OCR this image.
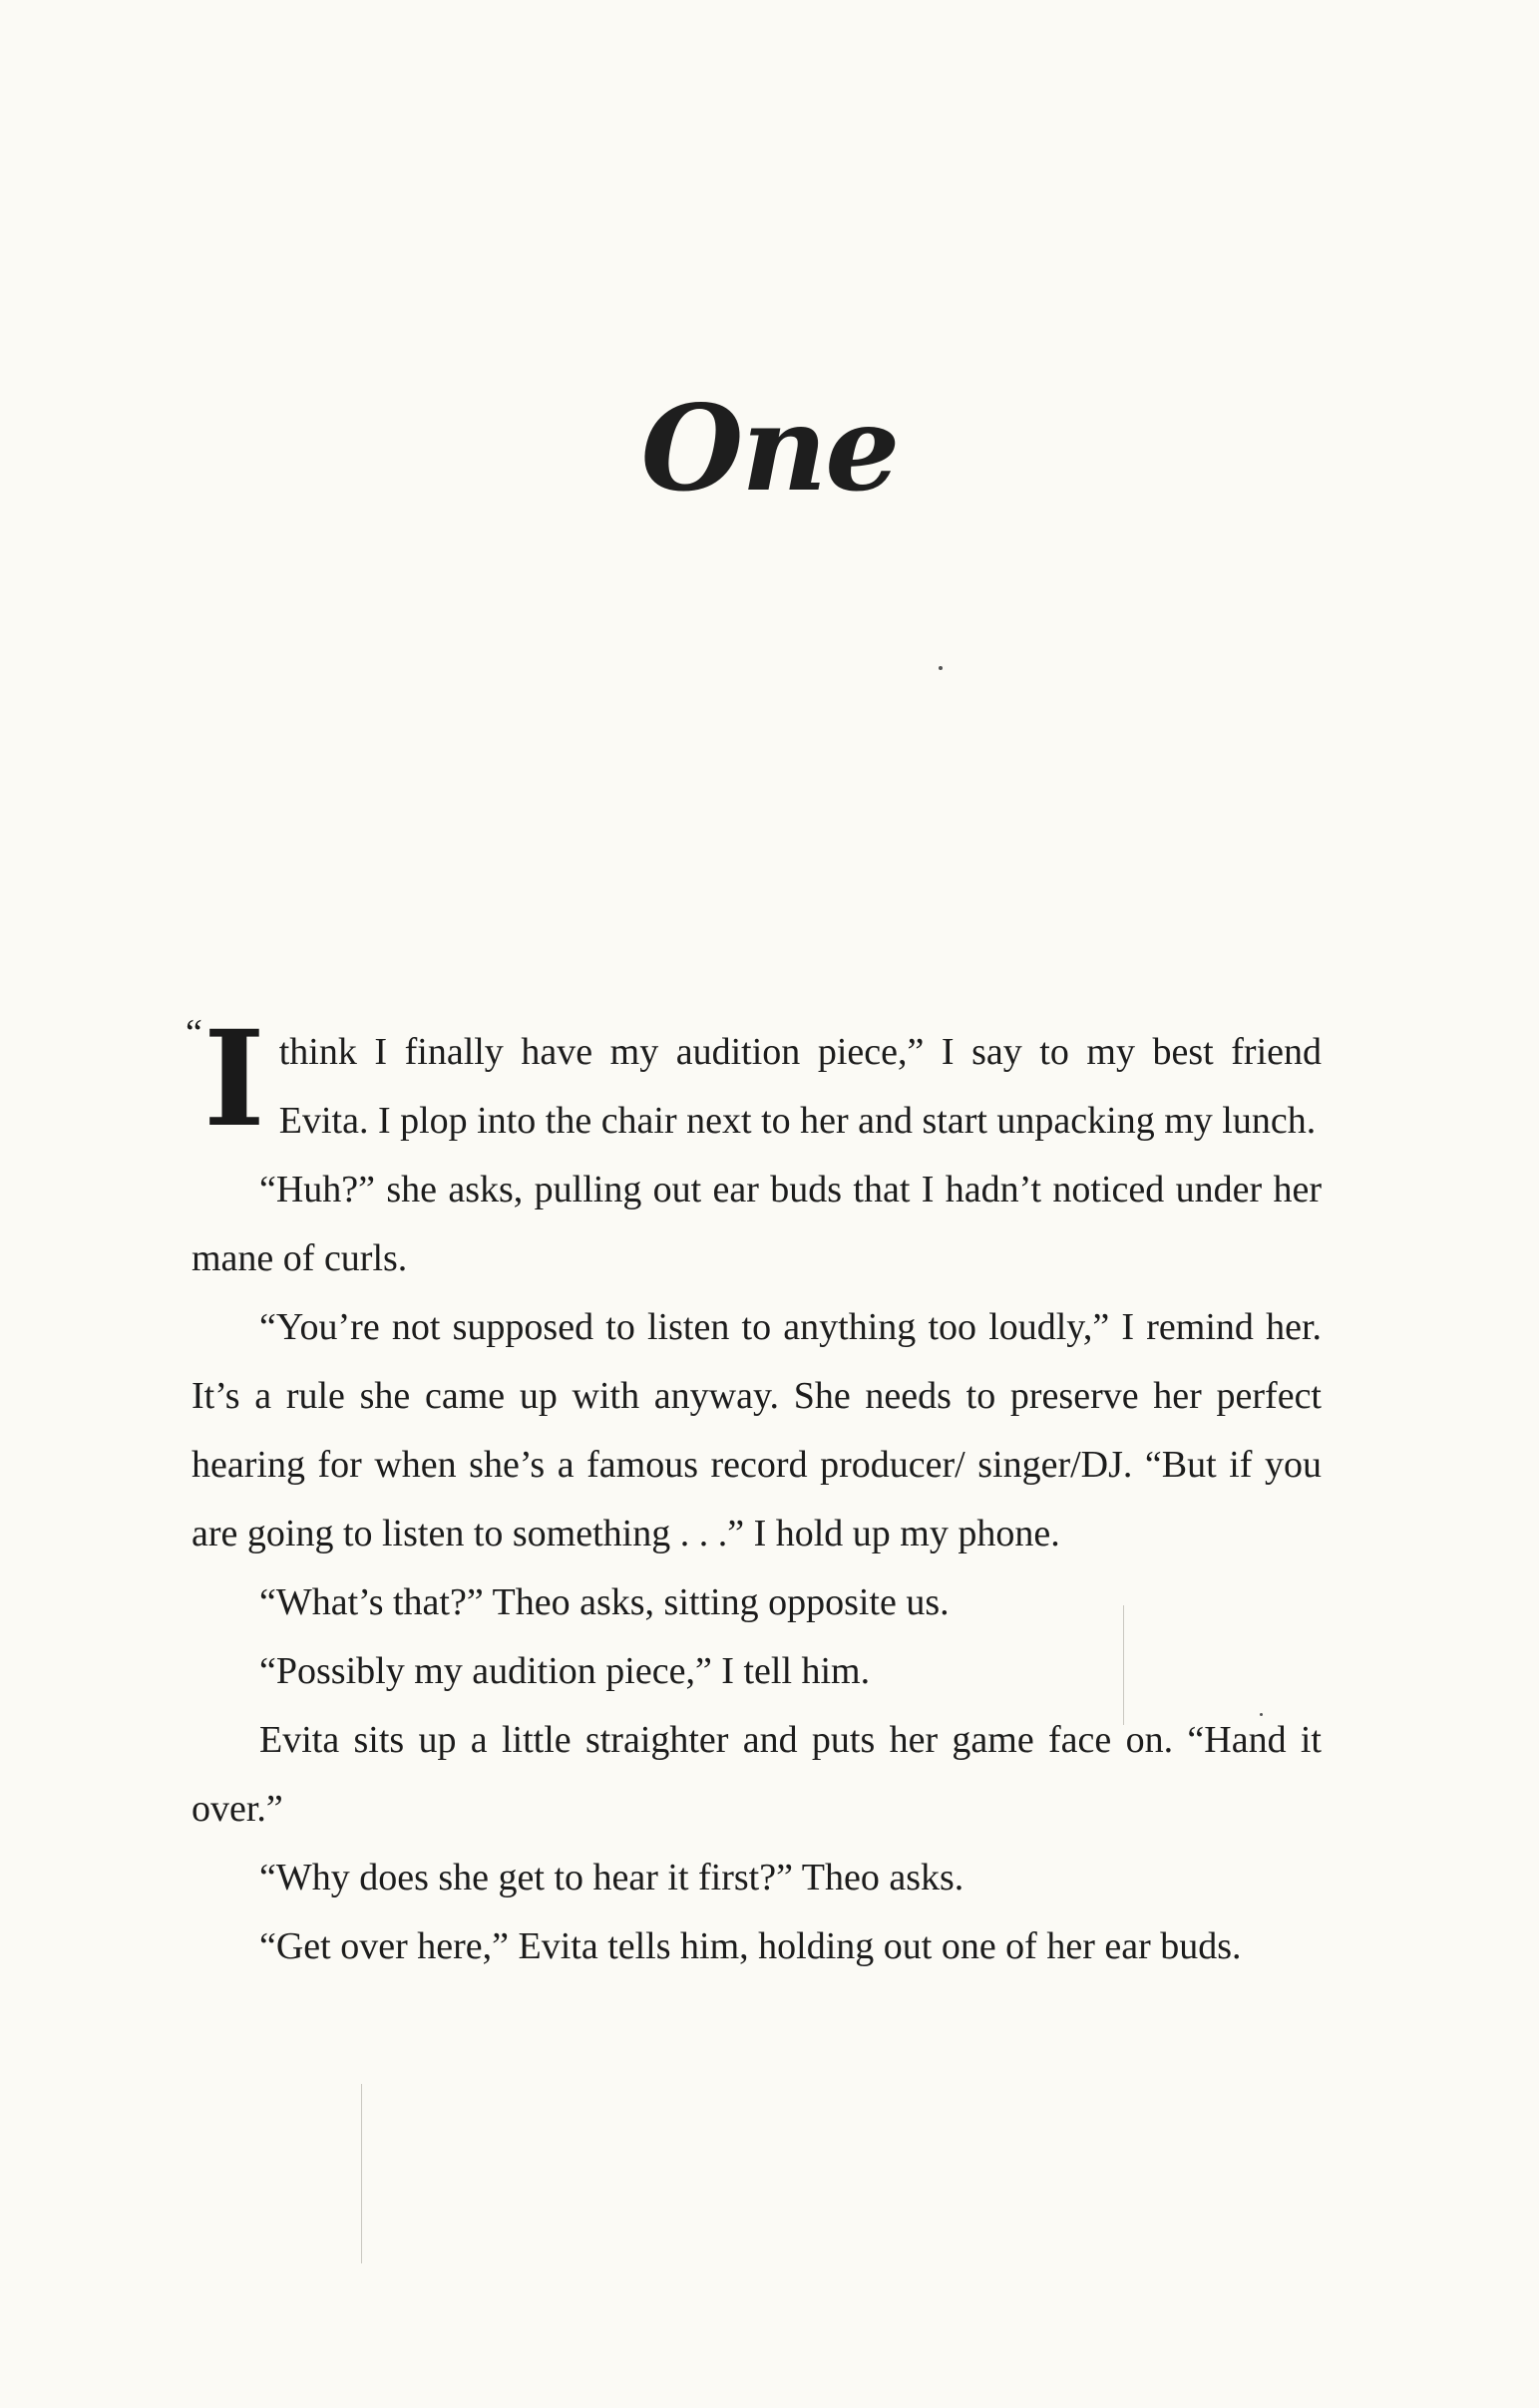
One

“ I think I finally have my audition piece,” I say to my best friend Evita. I plop into the chair next to her and start unpacking my lunch.

“Huh?” she asks, pulling out ear buds that I hadn’t noticed under her mane of curls.

“You’re not supposed to listen to anything too loudly,” I remind her. It’s a rule she came up with anyway. She needs to preserve her perfect hearing for when she’s a famous record producer/ singer/DJ. “But if you are going to listen to something . . .” I hold up my phone.

“What’s that?” Theo asks, sitting opposite us.

“Possibly my audition piece,” I tell him.

Evita sits up a little straighter and puts her game face on. “Hand it over.”

“Why does she get to hear it first?” Theo asks.

“Get over here,” Evita tells him, holding out one of her ear buds.
